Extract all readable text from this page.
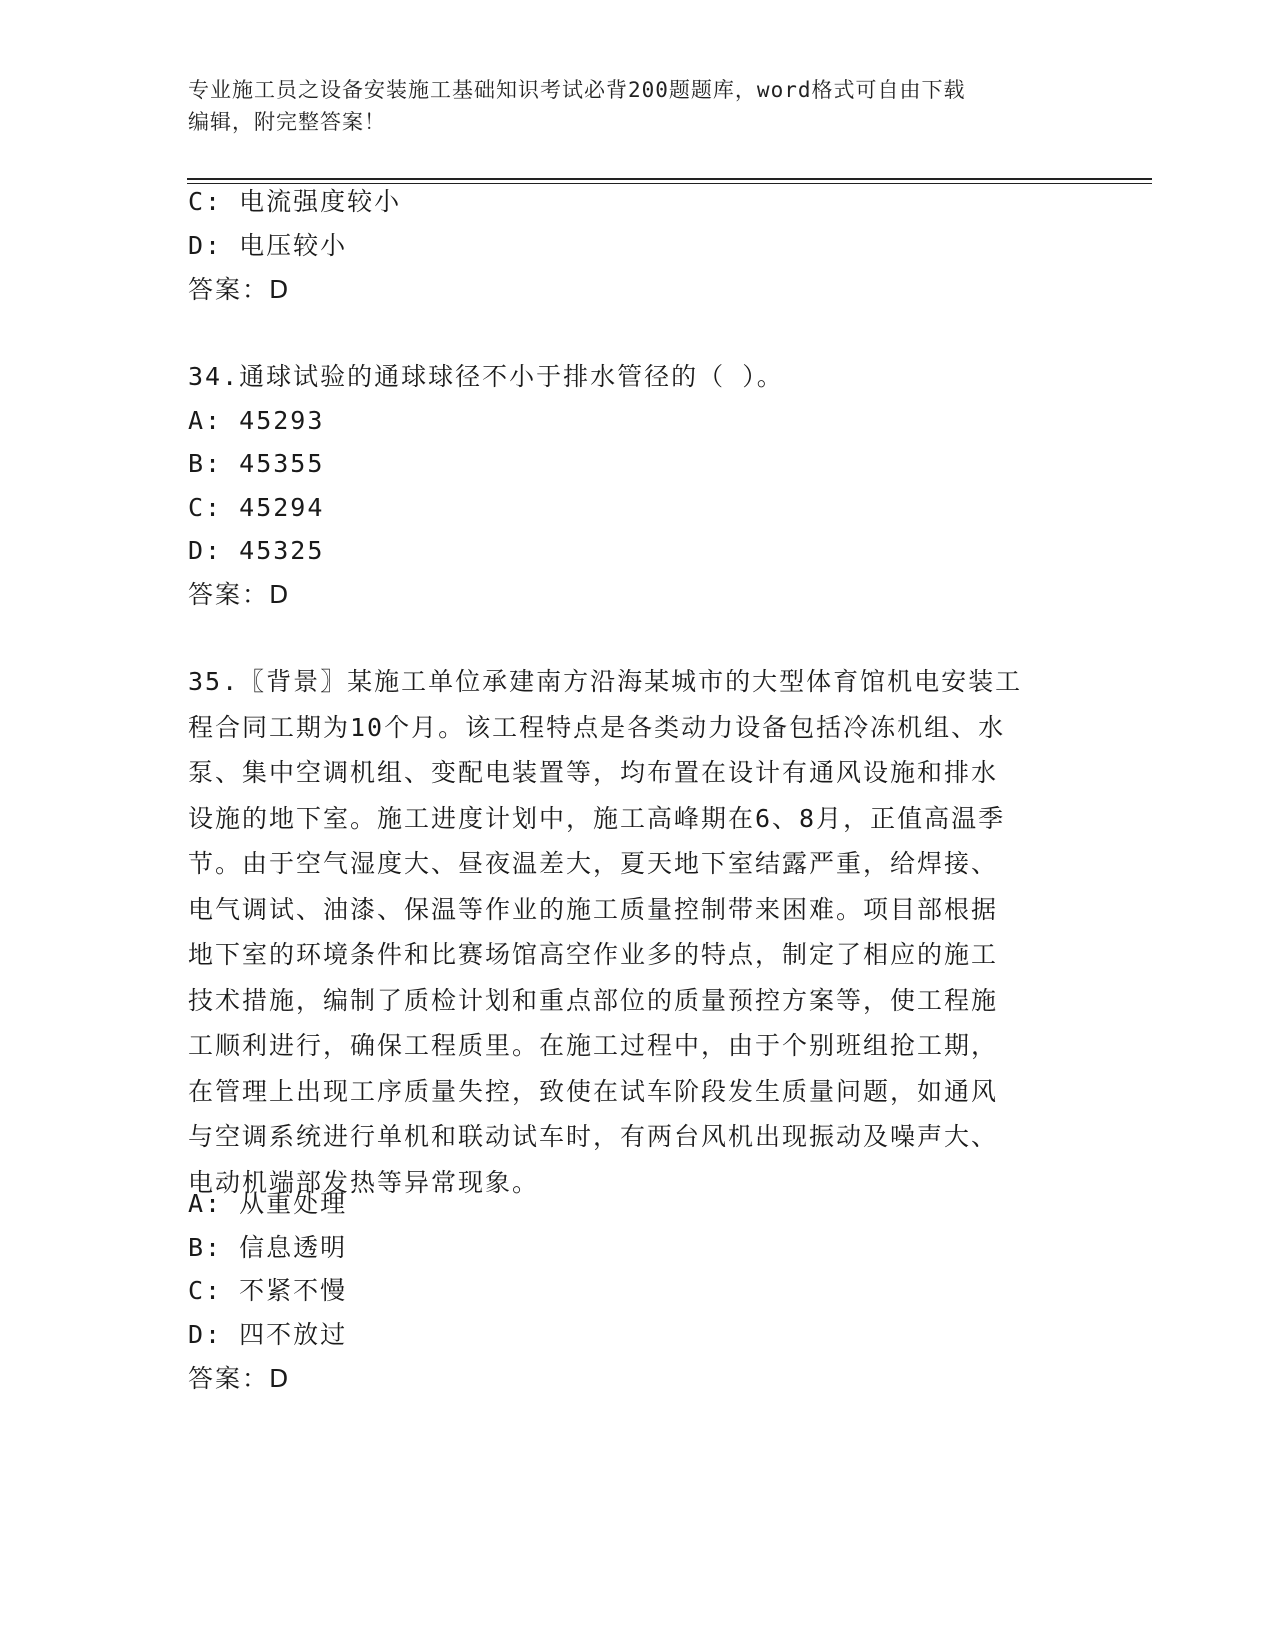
专业施工员之设备安装施工基础知识考试必背200题题库，word格式可自由下载
编辑，附完整答案！
C: 电流强度较小
D: 电压较小
答案：D
34.通球试验的通球球径不小于排水管径的（ ）。
A: 45293
B: 45355
C: 45294
D: 45325
答案：D
35.〖背景〗某施工单位承建南方沿海某城市的大型体育馆机电安装工
程合同工期为10个月。该工程特点是各类动力设备包括冷冻机组、水
泵、集中空调机组、变配电装置等，均布置在设计有通风设施和排水
设施的地下室。施工进度计划中，施工高峰期在6、8月，正值高温季
节。由于空气湿度大、昼夜温差大，夏天地下室结露严重，给焊接、
电气调试、油漆、保温等作业的施工质量控制带来困难。项目部根据
地下室的环境条件和比赛场馆高空作业多的特点，制定了相应的施工
技术措施，编制了质检计划和重点部位的质量预控方案等，使工程施
工顺利进行，确保工程质里。在施工过程中，由于个别班组抢工期，
在管理上出现工序质量失控，致使在试车阶段发生质量问题，如通风
与空调系统进行单机和联动试车时，有两台风机出现振动及噪声大、
电动机端部发热等异常现象。
A: 从重处理
B: 信息透明
C: 不紧不慢
D: 四不放过
答案：D
